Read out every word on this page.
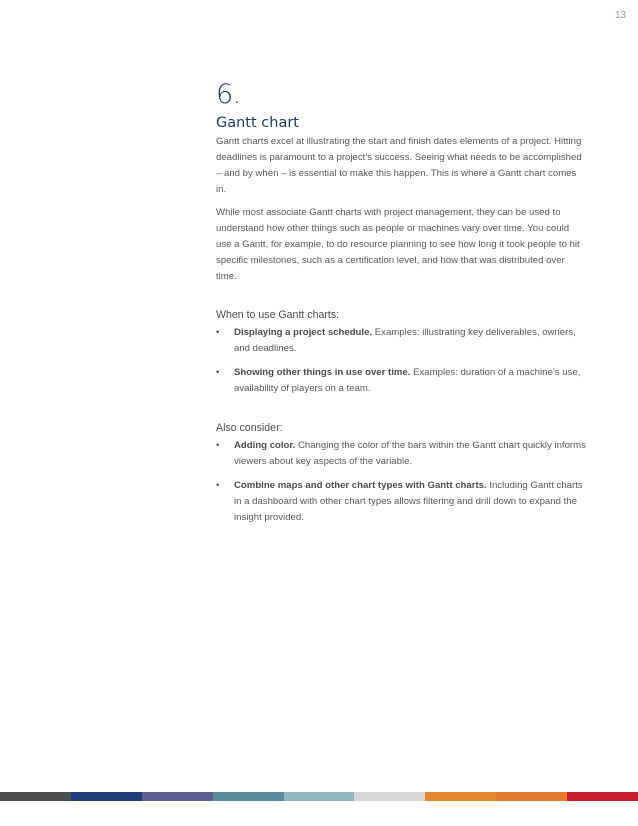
13
6.
Gantt chart

Gantt charts excel at illustrating the start and finish dates elements of a project. Hitting deadlines is paramount to a project’s success. Seeing what needs to be accomplished – and by when – is essential to make this happen. This is where a Gantt chart comes in.

While most associate Gantt charts with project management, they can be used to understand how other things such as people or machines vary over time. You could use a Gantt, for example, to do resource planning to see how long it took people to hit specific milestones, such as a certification level, and how that was distributed over time.

When to use Gantt charts:
• Displaying a project schedule. Examples: illustrating key deliverables, owners, and deadlines.
• Showing other things in use over time. Examples: duration of a machine’s use, availability of players on a team.
Also consider:
• Adding color. Changing the color of the bars within the Gantt chart quickly informs viewers about key aspects of the variable.
• Combine maps and other chart types with Gantt charts. Including Gantt charts in a dashboard with other chart types allows filtering and drill down to expand the insight provided.
